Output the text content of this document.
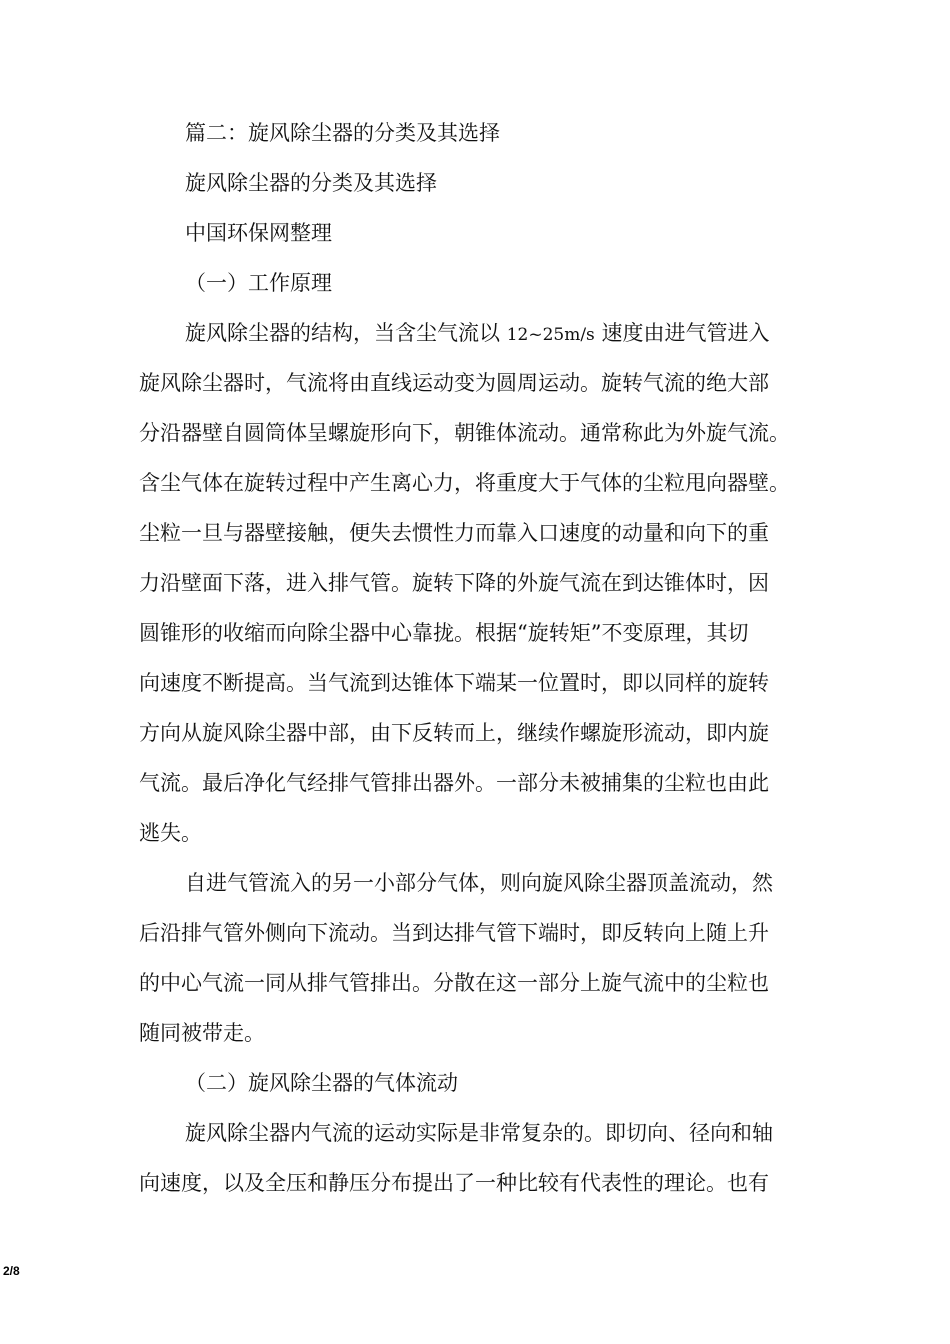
篇二：旋风除尘器的分类及其选择
旋风除尘器的分类及其选择
中国环保网整理
（一）工作原理
旋风除尘器的结构，当含尘气流以 12~25m/s 速度由进气管进入
旋风除尘器时，气流将由直线运动变为圆周运动。旋转气流的绝大部
分沿器壁自圆筒体呈螺旋形向下，朝锥体流动。通常称此为外旋气流。
含尘气体在旋转过程中产生离心力，将重度大于气体的尘粒甩向器壁。
尘粒一旦与器壁接触，便失去惯性力而靠入口速度的动量和向下的重
力沿壁面下落，进入排气管。旋转下降的外旋气流在到达锥体时，因
圆锥形的收缩而向除尘器中心靠拢。根据“旋转矩”不变原理，其切
向速度不断提高。当气流到达锥体下端某一位置时，即以同样的旋转
方向从旋风除尘器中部，由下反转而上，继续作螺旋形流动，即内旋
气流。最后净化气经排气管排出器外。一部分未被捕集的尘粒也由此
逃失。
自进气管流入的另一小部分气体，则向旋风除尘器顶盖流动，然
后沿排气管外侧向下流动。当到达排气管下端时，即反转向上随上升
的中心气流一同从排气管排出。分散在这一部分上旋气流中的尘粒也
随同被带走。
（二）旋风除尘器的气体流动
旋风除尘器内气流的运动实际是非常复杂的。即切向、径向和轴
向速度，以及全压和静压分布提出了一种比较有代表性的理论。也有
2/8
